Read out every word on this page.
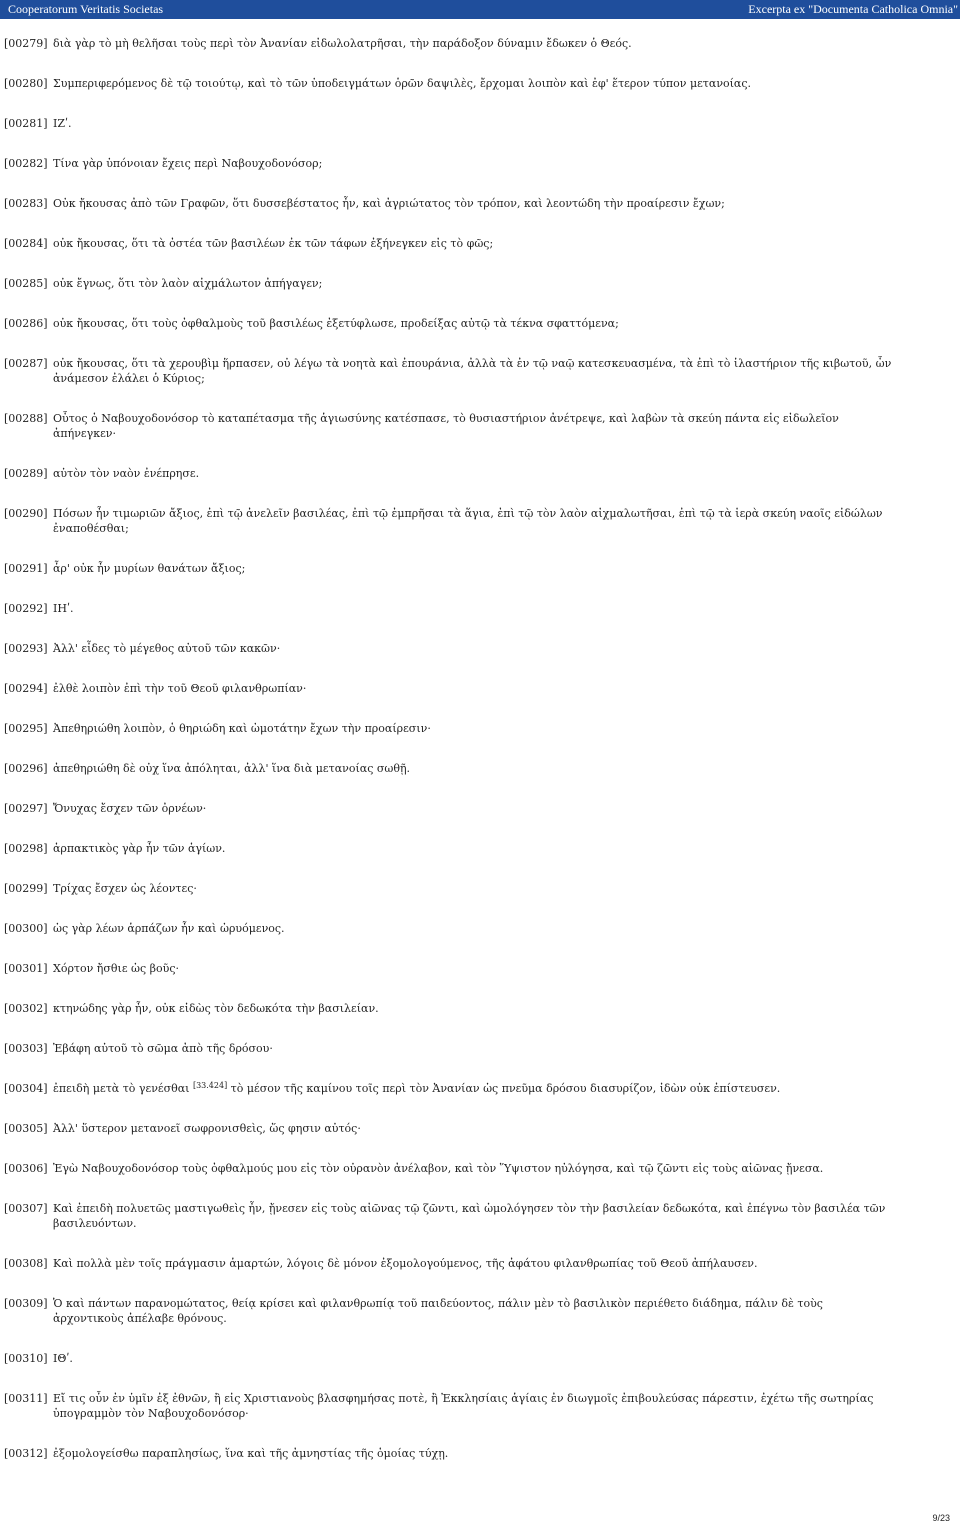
Cooperatorum Veritatis Societas	Excerpta ex "Documenta Catholica Omnia"
[00279] διὰ γὰρ τὸ μὴ θελῆσαι τοὺς περὶ τὸν Ἀνανίαν εἰδωλολατρῆσαι, τὴν παράδοξον δύναμιν ἔδωκεν ὁ Θεός.
[00280] Συμπεριφερόμενος δὲ τῷ τοιούτῳ, καὶ τὸ τῶν ὑποδειγμάτων ὁρῶν δαψιλὲς, ἔρχομαι λοιπὸν καὶ ἐφ' ἕτερον τύπον μετανοίας.
[00281] ΙΖʹ.
[00282] Τίνα γὰρ ὑπόνοιαν ἔχεις περὶ Ναβουχοδονόσορ;
[00283] Οὐκ ἤκουσας ἀπὸ τῶν Γραφῶν, ὅτι δυσσεβέστατος ἦν, καὶ ἀγριώτατος τὸν τρόπον, καὶ λεοντώδη τὴν προαίρεσιν ἔχων;
[00284] οὐκ ἤκουσας, ὅτι τὰ ὀστέα τῶν βασιλέων ἐκ τῶν τάφων ἐξήνεγκεν εἰς τὸ φῶς;
[00285] οὐκ ἔγνως, ὅτι τὸν λαὸν αἰχμάλωτον ἀπήγαγεν;
[00286] οὐκ ἤκουσας, ὅτι τοὺς ὀφθαλμοὺς τοῦ βασιλέως ἐξετύφλωσε, προδείξας αὐτῷ τὰ τέκνα σφαττόμενα;
[00287] οὐκ ἤκουσας, ὅτι τὰ χερουβὶμ ἥρπασεν, οὐ λέγω τὰ νοητὰ καὶ ἐπουράνια, ἀλλὰ τὰ ἐν τῷ ναῷ κατεσκευασμένα, τὰ ἐπὶ τὸ ἱλαστήριον τῆς κιβωτοῦ, ὧν ἀνάμεσον ἐλάλει ὁ Κύριος;
[00288] Οὗτος ὁ Ναβουχοδονόσορ τὸ καταπέτασμα τῆς ἁγιωσύνης κατέσπασε, τὸ θυσιαστήριον ἀνέτρεψε, καὶ λαβὼν τὰ σκεύη πάντα εἰς εἰδωλεῖον ἀπήνεγκεν·
[00289] αὐτὸν τὸν ναὸν ἐνέπρησε.
[00290] Πόσων ἦν τιμωριῶν ἄξιος, ἐπὶ τῷ ἀνελεῖν βασιλέας, ἐπὶ τῷ ἐμπρῆσαι τὰ ἅγια, ἐπὶ τῷ τὸν λαὸν αἰχμαλωτῆσαι, ἐπὶ τῷ τὰ ἱερὰ σκεύη ναοῖς εἰδώλων ἐναποθέσθαι;
[00291] ἆρ' οὐκ ἦν μυρίων θανάτων ἄξιος;
[00292] ΙΗʹ.
[00293] Ἀλλ' εἶδες τὸ μέγεθος αὐτοῦ τῶν κακῶν·
[00294] ἐλθὲ λοιπὸν ἐπὶ τὴν τοῦ Θεοῦ φιλανθρωπίαν·
[00295] Ἀπεθηριώθη λοιπὸν, ὁ θηριώδη καὶ ὠμοτάτην ἔχων τὴν προαίρεσιν·
[00296] ἀπεθηριώθη δὲ οὐχ ἵνα ἀπόληται, ἀλλ' ἵνα διὰ μετανοίας σωθῇ.
[00297] Ὄνυχας ἔσχεν τῶν ὀρνέων·
[00298] ἁρπακτικὸς γὰρ ἦν τῶν ἁγίων.
[00299] Τρίχας ἔσχεν ὡς λέοντες·
[00300] ὡς γὰρ λέων ἁρπάζων ἦν καὶ ὠρυόμενος.
[00301] Χόρτον ἤσθιε ὡς βοῦς·
[00302] κτηνώδης γὰρ ἦν, οὐκ εἰδὼς τὸν δεδωκότα τὴν βασιλείαν.
[00303] Ἐβάφη αὐτοῦ τὸ σῶμα ἀπὸ τῆς δρόσου·
[00304] ἐπειδὴ μετὰ τὸ γενέσθαι [33.424] τὸ μέσον τῆς καμίνου τοῖς περὶ τὸν Ἀνανίαν ὡς πνεῦμα δρόσου διασυρίζον, ἰδὼν οὐκ ἐπίστευσεν.
[00305] Ἀλλ' ὕστερον μετανοεῖ σωφρονισθεὶς, ὥς φησιν αὐτός·
[00306] Ἐγὼ Ναβουχοδονόσορ τοὺς ὀφθαλμούς μου εἰς τὸν οὐρανὸν ἀνέλαβον, καὶ τὸν Ὕψιστον ηὐλόγησα, καὶ τῷ ζῶντι εἰς τοὺς αἰῶνας ᾔνεσα.
[00307] Καὶ ἐπειδὴ πολυετῶς μαστιγωθεὶς ἦν, ᾔνεσεν εἰς τοὺς αἰῶνας τῷ ζῶντι, καὶ ὡμολόγησεν τὸν τὴν βασιλείαν δεδωκότα, καὶ ἐπέγνω τὸν βασιλέα τῶν βασιλευόντων.
[00308] Καὶ πολλὰ μὲν τοῖς πράγμασιν ἁμαρτών, λόγοις δὲ μόνον ἐξομολογούμενος, τῆς ἀφάτου φιλανθρωπίας τοῦ Θεοῦ ἀπήλαυσεν.
[00309] Ὁ καὶ πάντων παρανομώτατος, θείᾳ κρίσει καὶ φιλανθρωπίᾳ τοῦ παιδεύοντος, πάλιν μὲν τὸ βασιλικὸν περιέθετο διάδημα, πάλιν δὲ τοὺς ἀρχοντικοὺς ἀπέλαβε θρόνους.
[00310] ΙΘʹ.
[00311] Εἴ τις οὖν ἐν ὑμῖν ἐξ ἐθνῶν, ἢ εἰς Χριστιανοὺς βλασφημήσας ποτὲ, ἢ Ἐκκλησίαις ἁγίαις ἐν διωγμοῖς ἐπιβουλεύσας πάρεστιν, ἐχέτω τῆς σωτηρίας ὑπογραμμὸν τὸν Ναβουχοδονόσορ·
[00312] ἐξομολογείσθω παραπλησίως, ἵνα καὶ τῆς ἀμνηστίας τῆς ὁμοίας τύχῃ.
9/23
